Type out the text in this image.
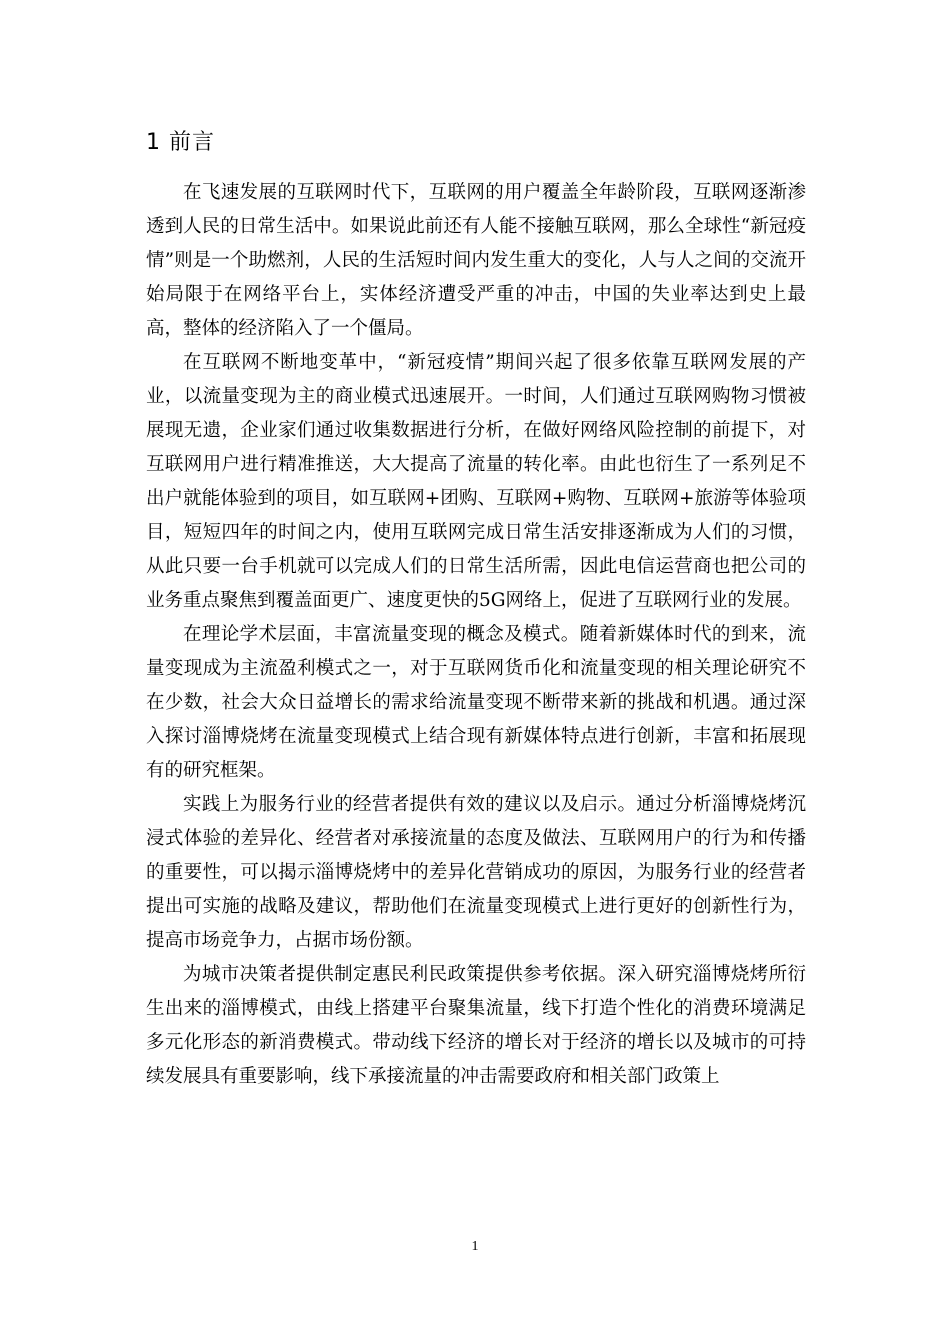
1 前言

在飞速发展的互联网时代下，互联网的用户覆盖全年龄阶段，互联网逐渐渗透到人民的日常生活中。如果说此前还有人能不接触互联网，那么全球性“新冠疫情”则是一个助燃剂，人民的生活短时间内发生重大的变化，人与人之间的交流开始局限于在网络平台上，实体经济遭受严重的冲击，中国的失业率达到史上最高，整体的经济陷入了一个僵局。

在互联网不断地变革中，“新冠疫情”期间兴起了很多依靠互联网发展的产业，以流量变现为主的商业模式迅速展开。一时间，人们通过互联网购物习惯被展现无遗，企业家们通过收集数据进行分析，在做好网络风险控制的前提下，对互联网用户进行精准推送，大大提高了流量的转化率。由此也衍生了一系列足不出户就能体验到的项目，如互联网+团购、互联网+购物、互联网+旅游等体验项目，短短四年的时间之内，使用互联网完成日常生活安排逐渐成为人们的习惯，从此只要一台手机就可以完成人们的日常生活所需，因此电信运营商也把公司的业务重点聚焦到覆盖面更广、速度更快的5G网络上，促进了互联网行业的发展。

在理论学术层面，丰富流量变现的概念及模式。随着新媒体时代的到来，流量变现成为主流盈利模式之一，对于互联网货币化和流量变现的相关理论研究不在少数，社会大众日益增长的需求给流量变现不断带来新的挑战和机遇。通过深入探讨淄博烧烤在流量变现模式上结合现有新媒体特点进行创新，丰富和拓展现有的研究框架。

实践上为服务行业的经营者提供有效的建议以及启示。通过分析淄博烧烤沉浸式体验的差异化、经营者对承接流量的态度及做法、互联网用户的行为和传播的重要性，可以揭示淄博烧烤中的差异化营销成功的原因，为服务行业的经营者提出可实施的战略及建议，帮助他们在流量变现模式上进行更好的创新性行为，提高市场竞争力，占据市场份额。

为城市决策者提供制定惠民利民政策提供参考依据。深入研究淄博烧烤所衍生出来的淄博模式，由线上搭建平台聚集流量，线下打造个性化的消费环境满足多元化形态的新消费模式。带动线下经济的增长对于经济的增长以及城市的可持续发展具有重要影响，线下承接流量的冲击需要政府和相关部门政策上

1
